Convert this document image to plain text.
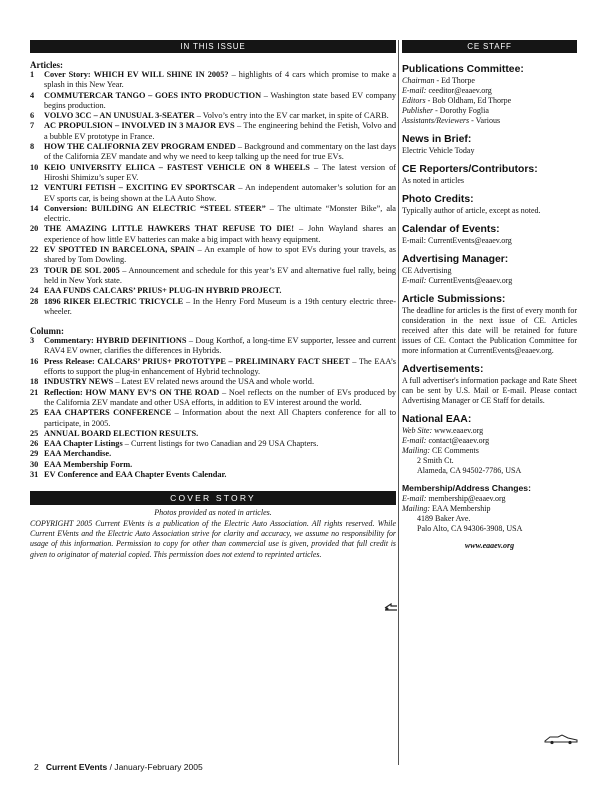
IN THIS ISSUE

Articles:

1	Cover Story: WHICH EV WILL SHINE IN 2005? – highlights of 4 cars which promise to make a splash in this New Year.
4	COMMUTERCAR TANGO – GOES INTO PRODUCTION – Washington state based EV company begins production.
6	VOLVO 3CC – AN UNUSUAL 3-SEATER – Volvo’s entry into the EV car market, in spite of CARB.
7	AC PROPULSION – INVOLVED IN 3 MAJOR EVS – The engineering behind the Fetish, Volvo and a bubble EV prototype in France.
8	HOW THE CALIFORNIA ZEV PROGRAM ENDED – Background and commentary on the last days of the California ZEV mandate and why we need to keep talking up the need for true EVs.
10 KEIO UNIVERSITY ELIICA – FASTEST VEHICLE ON 8 WHEELS – The latest version of Hiroshi Shimizu’s super EV.
12 VENTURI FETISH – EXCITING EV SPORTSCAR – An independent automaker’s solution for an EV sports car, is being shown at the LA Auto Show.
14 Conversion: BUILDING AN ELECTRIC “STEEL STEER” – The ultimate “Monster Bike”, ala electric.
20 THE AMAZING LITTLE HAWKERS THAT REFUSE TO DIE! – John Wayland shares an experience of how little EV batteries can make a big impact with heavy equipment.
22 EV SPOTTED IN BARCELONA, SPAIN – An example of how to spot EVs during your travels, as shared by Tom Dowling.
23 TOUR DE SOL 2005 – Announcement and schedule for this year’s EV and alternative fuel rally, being held in New York state.
24 EAA FUNDS CALCARS’ PRIUS+ PLUG-IN HYBRID PROJECT.
28 1896 RIKER ELECTRIC TRICYCLE – In the Henry Ford Museum is a 19th century electric three-wheeler.

Column:

3	Commentary: HYBRID DEFINITIONS – Doug Korthof, a long-time EV supporter, lessee and current RAV4 EV owner, clarifies the differences in Hybrids.
16 Press Release: CALCARS’ PRIUS+ PROTOTYPE – PRELIMINARY FACT SHEET – The EAA’s efforts to support the plug-in enhancement of Hybrid technology.
18 INDUSTRY NEWS – Latest EV related news around the USA and whole world.
21 Reflection: HOW MANY EV’S ON THE ROAD – Noel reflects on the number of EVs produced by the California ZEV mandate and other USA efforts, in addition to EV interest around the world.
25 EAA CHAPTERS CONFERENCE – Information about the next All Chapters conference for all to participate, in 2005.
25 ANNUAL BOARD ELECTION RESULTS.
26 EAA Chapter Listings – Current listings for two Canadian and 29 USA Chapters.
29 EAA Merchandise.
30 EAA Membership Form.
31 EV Conference and EAA Chapter Events Calendar.
COVER STORY

Photos provided as noted in articles.

COPYRIGHT 2005 Current EVents is a publication of the Electric Auto Association. All rights reserved. While Current EVents and the Electric Auto Association strive for clarity and accuracy, we assume no responsibility for usage of this information. Permission to copy for other than commercial use is given, provided that full credit is given to originator of material copied. This permission does not extend to reprinted articles.

CE STAFF
Publications Committee:

Chairman - Ed Thorpe

E-mail: ceeditor@eaaev.org

Editors - Bob Oldham, Ed Thorpe

Publisher - Dorothy Foglia

Assistants/Reviewers - Various

News in Brief:

Electric Vehicle Today

CE Reporters/Contributors:

As noted in articles

Photo Credits:

Typically author of article, except as noted.

Calendar of Events:

E-mail: CurrentEvents@eaaev.org

Advertising Manager:

CE Advertising

E-mail: CurrentEvents@eaaev.org

Article Submissions:

The deadline for articles is the first of every month for consideration in the next issue of CE. Articles received after this date will be retained for future issues of CE. Contact the Publication Committee for more information at CurrentEvents@eaaev.org.

Advertisements:

A full advertiser's information package and Rate Sheet can be sent by U.S. Mail or E-mail. Please contact Advertising Manager or CE Staff for details.

National EAA:

Web Site: www.eaaev.org

E-mail: contact@eaaev.org

Mailing: CE Comments

2 Smith Ct.

Alameda, CA 94502-7786, USA

Membership/Address Changes:

E-mail: membership@eaaev.org

Mailing: EAA Membership

4189 Baker Ave.

Palo Alto, CA 94306-3908, USA

www.eaaev.org

2 Current EVents / January-February 2005
